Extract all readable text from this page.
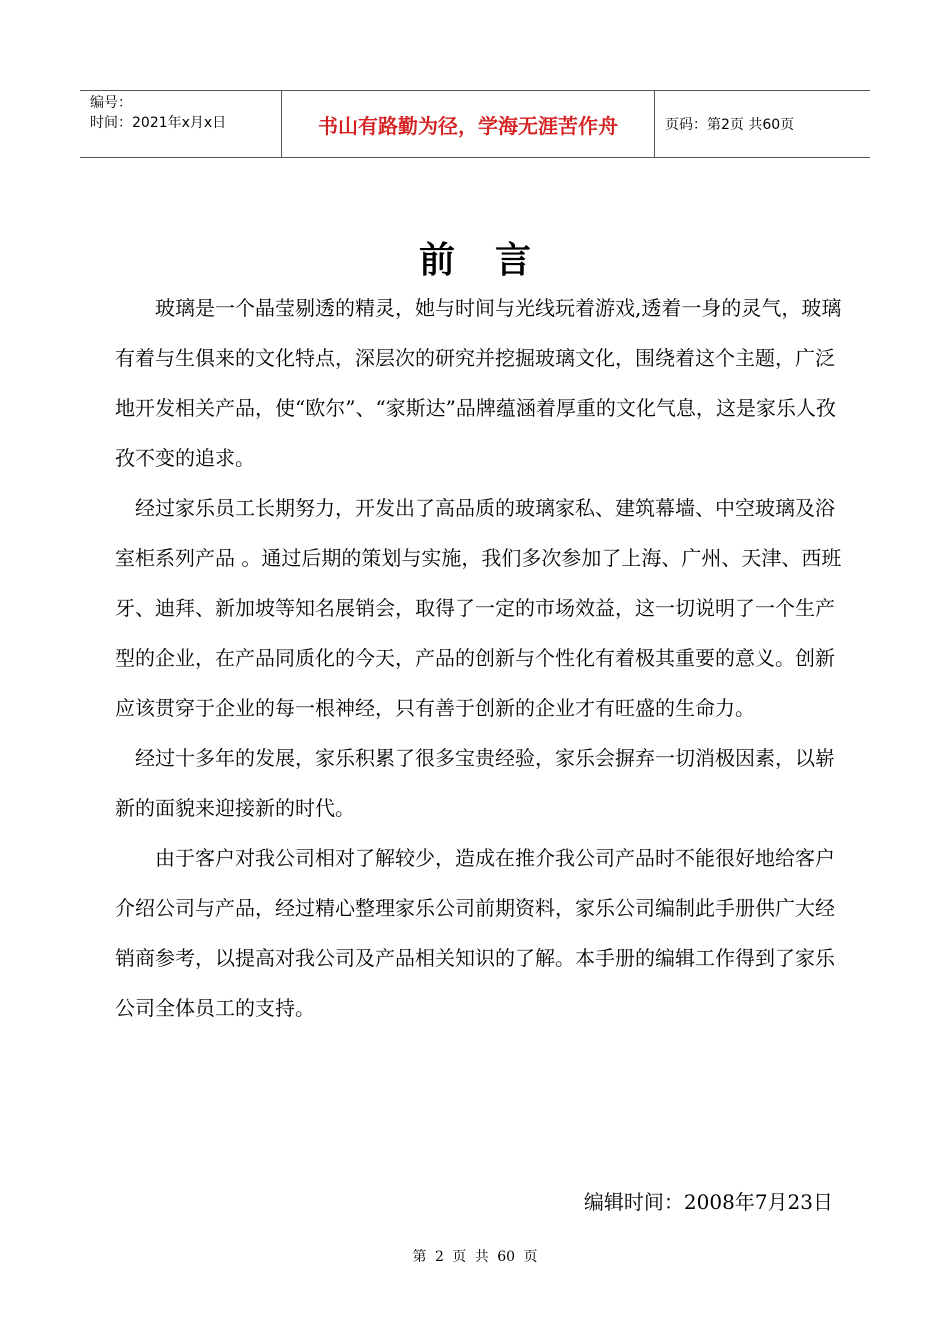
编号：
时间：2021年x月x日	书山有路勤为径，学海无涯苦作舟	页码：第2页 共60页
前言

　　玻璃是一个晶莹剔透的精灵，她与时间与光线玩着游戏,透着一身的灵气，玻璃有着与生俱来的文化特点，深层次的研究并挖掘玻璃文化，围绕着这个主题，广泛地开发相关产品，使“欧尔”、“家斯达”品牌蕴涵着厚重的文化气息，这是家乐人孜孜不变的追求。

　经过家乐员工长期努力，开发出了高品质的玻璃家私、建筑幕墙、中空玻璃及浴室柜系列产品 。通过后期的策划与实施，我们多次参加了上海、广州、天津、西班牙、迪拜、新加坡等知名展销会，取得了一定的市场效益，这一切说明了一个生产型的企业，在产品同质化的今天，产品的创新与个性化有着极其重要的意义。创新应该贯穿于企业的每一根神经，只有善于创新的企业才有旺盛的生命力。

　经过十多年的发展，家乐积累了很多宝贵经验，家乐会摒弃一切消极因素，以崭新的面貌来迎接新的时代。

　　由于客户对我公司相对了解较少，造成在推介我公司产品时不能很好地给客户介绍公司与产品，经过精心整理家乐公司前期资料，家乐公司编制此手册供广大经销商参考，以提高对我公司及产品相关知识的了解。本手册的编辑工作得到了家乐公司全体员工的支持。

编辑时间：2008年7月23日
第 2 页 共 60 页
